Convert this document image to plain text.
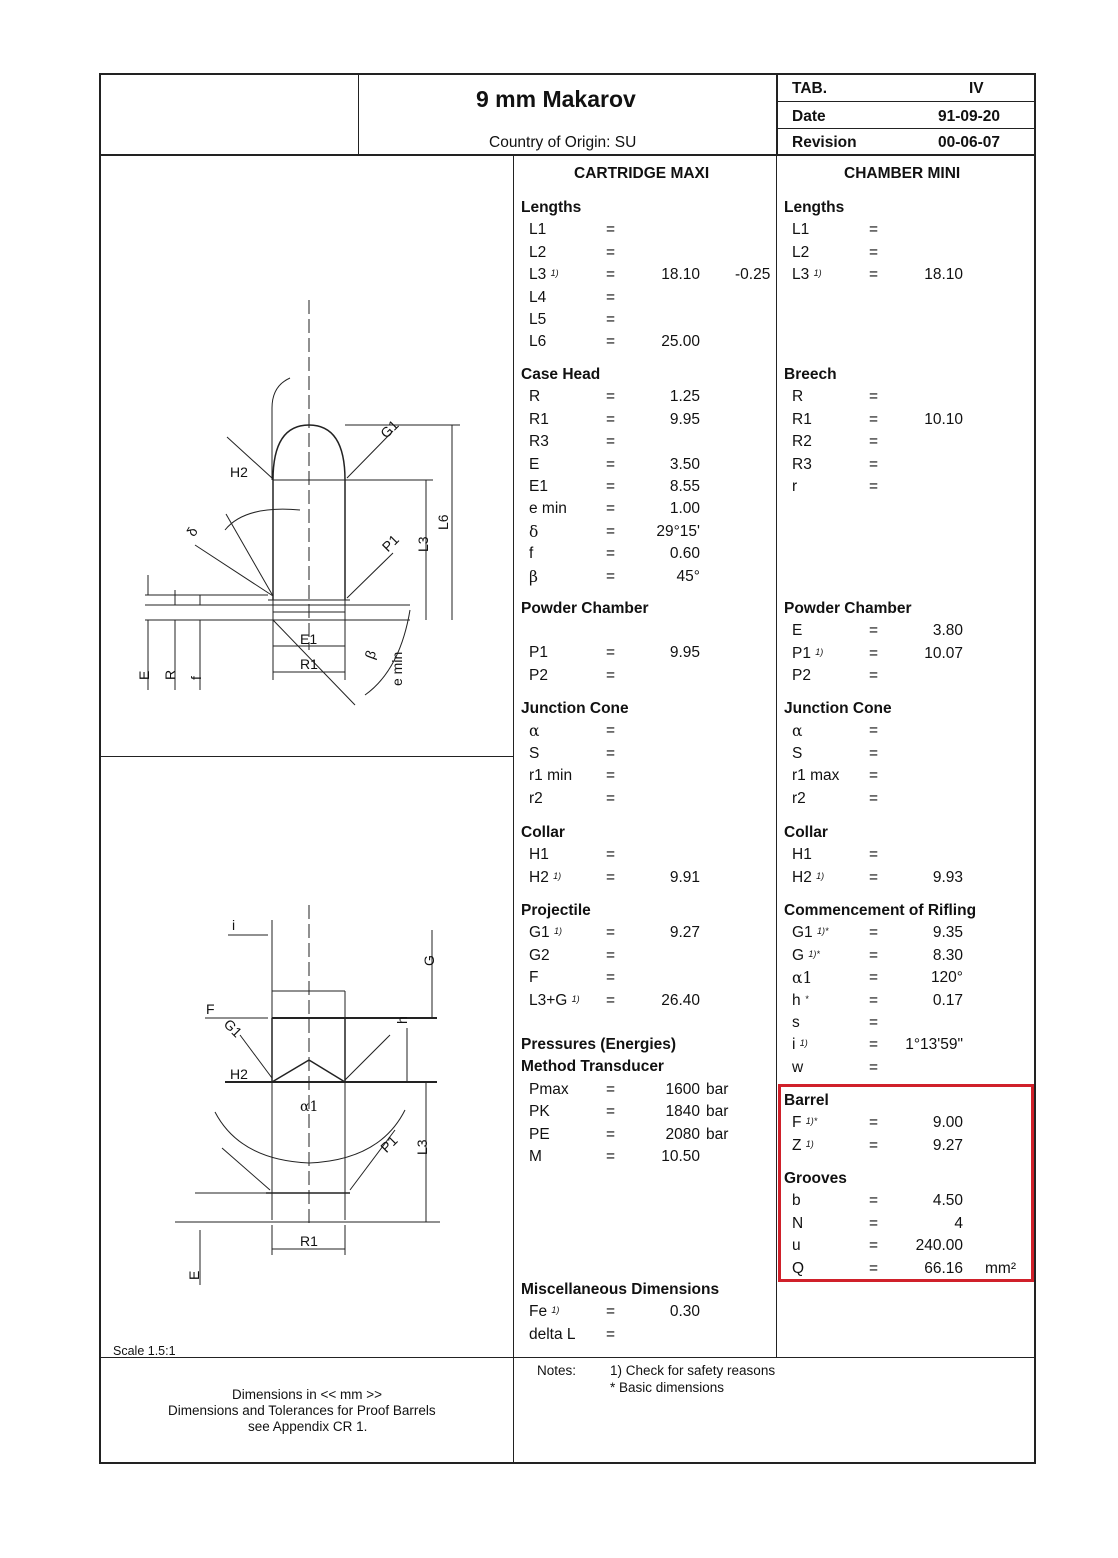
9 mm Makarov
Country of Origin: SU
TAB.	IV
Date	91-09-20
Revision	00-06-07
CARTRIDGE MAXI	CHAMBER MINI
Lengths
L1	=
L2	=
L3 $^{1)}$	=	18.10 -0.25
L4	=
L5	=
L6	=	25.00
Case Head
R	=	1.25
R1	=	9.95
R3	=
E	=	3.50
E1	=	8.55
e min	=	1.00
δ	=	29°15'
f	=	0.60
β	=	45°
Powder Chamber
P1	=	9.95
P2	=
Junction Cone
α	=
S	=
r1 min =
r2	=
Collar
H1	=
H2 $^{1)}$	=	9.91
Projectile
G1 $^{1)}$	=	9.27
G2	=
F	=
L3+G $^{1)}$ =	26.40
Pressures (Energies)
Method Transducer
Pmax =	1600 bar
PK	=	1840 bar
PE	=	2080 bar
M	=	10.50
Miscellaneous Dimensions
Fe $^{1)}$	=	0.30
delta L =
Lengths
L1	=
L2	=
L3 $^{1)}$	=	18.10
Breech
R	=
R1	=	10.10
R2	=
R3	=
r	=
Powder Chamber
E	=	3.80
P1 $^{1)}$	=	10.07
P2	=
Junction Cone
α	=
S	=
r1 max =
r2	=
Collar
H1	=
H2 $^{1)}$	=	9.93
Commencement of Rifling
G1 $^{1)*}$	=	9.35
G $^{1)*}$	=	8.30
α1	=	120°
h *	=	0.17
s	=
i $^{1)}$	= 1°13'59"
w	=
Barrel
F $^{1)*}$	=	9.00
Z $^{1)}$	=	9.27
Grooves
b	=	4.50
N	=	4
u	= 240.00
Q	=	66.16 mm²
H2
G1
L6
δ	P1 L3
E1
R1
β e min
E R f
i
G
F
G1	h
H2
α1
P1 L3
R1
E
Scale 1.5:1
Dimensions in << mm >>
Dimensions and Tolerances for Proof Barrels
see Appendix CR 1.
Notes:	1) Check for safety reasons
* Basic dimensions
